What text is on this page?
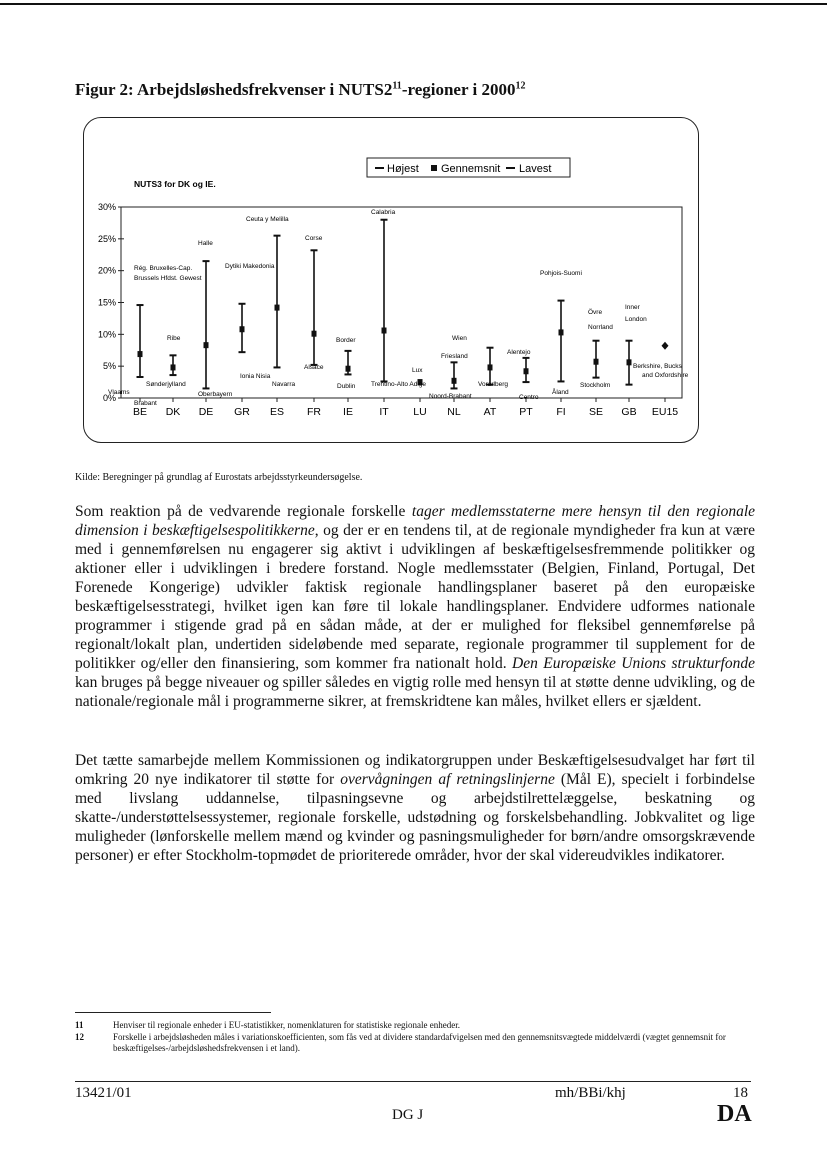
Figur 2: Arbejdsløshedsfrekvenser i $NUTS2^{11}$-regioner i 2000$^{12}$
NUTS3 for DK og IE.
Højest Gennemsnit Lavest
0%
5%
10%
15%
20%
25%
30%
BE DK DE GR ES FR IE	IT LU NL AT PT FI SE GB EU15
Rég. Bruxelles-Cap.
Brussels Hfdst. Gewest
Vlaams
Brabant
Ribe
Sønderjylland
Halle
Oberbayern
Dytiki Makedonia
Ionia Nisia
Ceuta y Melilla
Navarra
Corse
Alsace
Border
Dublin
Calabria
Trentino-Alto Adige
Lux
Friesland
Noord-Brabant
Wien
Vorarlberg
Alentejo
Centro
Pohjois-Suomi
Åland
Övre
Norrland
Stockholm
Inner
London
Berkshire, Bucks
and Oxfordshire
Kilde: Beregninger på grundlag af Eurostats arbejdsstyrkeundersøgelse.

Som reaktion på de vedvarende regionale forskelle tager medlemsstaterne mere hensyn til den regionale dimension i beskæftigelsespolitikkerne, og der er en tendens til, at de regionale myndigheder fra kun at være med i gennemførelsen nu engagerer sig aktivt i udviklingen af beskæftigelsesfremmende politikker og aktioner eller i udviklingen i bredere forstand. Nogle medlemsstater (Belgien, Finland, Portugal, Det Forenede Kongerige) udvikler faktisk regionale handlingsplaner baseret på den europæiske beskæftigelsesstrategi, hvilket igen kan føre til lokale handlingsplaner. Endvidere udformes nationale programmer i stigende grad på en sådan måde, at der er mulighed for fleksibel gennemførelse på regionalt/lokalt plan, undertiden sideløbende med separate, regionale programmer til supplement for de politikker og/eller den finansiering, som kommer fra nationalt hold. Den Europæiske Unions strukturfonde kan bruges på begge niveauer og spiller således en vigtig rolle med hensyn til at støtte denne udvikling, og de nationale/regionale mål i programmerne sikrer, at fremskridtene kan måles, hvilket ellers er sjældent.

Det tætte samarbejde mellem Kommissionen og indikatorgruppen under Beskæftigelsesudvalget har ført til omkring 20 nye indikatorer til støtte for overvågningen af retningslinjerne (Mål E), specielt i forbindelse med livslang uddannelse, tilpasningsevne og arbejdstilrettelæggelse, beskatning og skatte-/understøttelsessystemer, regionale forskelle, udstødning og forskelsbehandling. Jobkvalitet og lige muligheder (lønforskelle mellem mænd og kvinder og pasningsmuligheder for børn/andre omsorgskrævende personer) er efter Stockholm-topmødet de prioriterede områder, hvor der skal videreudvikles indikatorer.

11	Henviser til regionale enheder i EU-statistikker, nomenklaturen for statistiske regionale enheder.
12	Forskelle i arbejdsløsheden måles i variationskoefficienten, som fås ved at dividere standardafvigelsen med den gennemsnitsvægtede middelværdi (vægtet gennemsnit for beskæftigelses-/arbejdsløshedsfrekvensen i et land).
13421/01	mh/BBi/khj	18
DG J	DA
